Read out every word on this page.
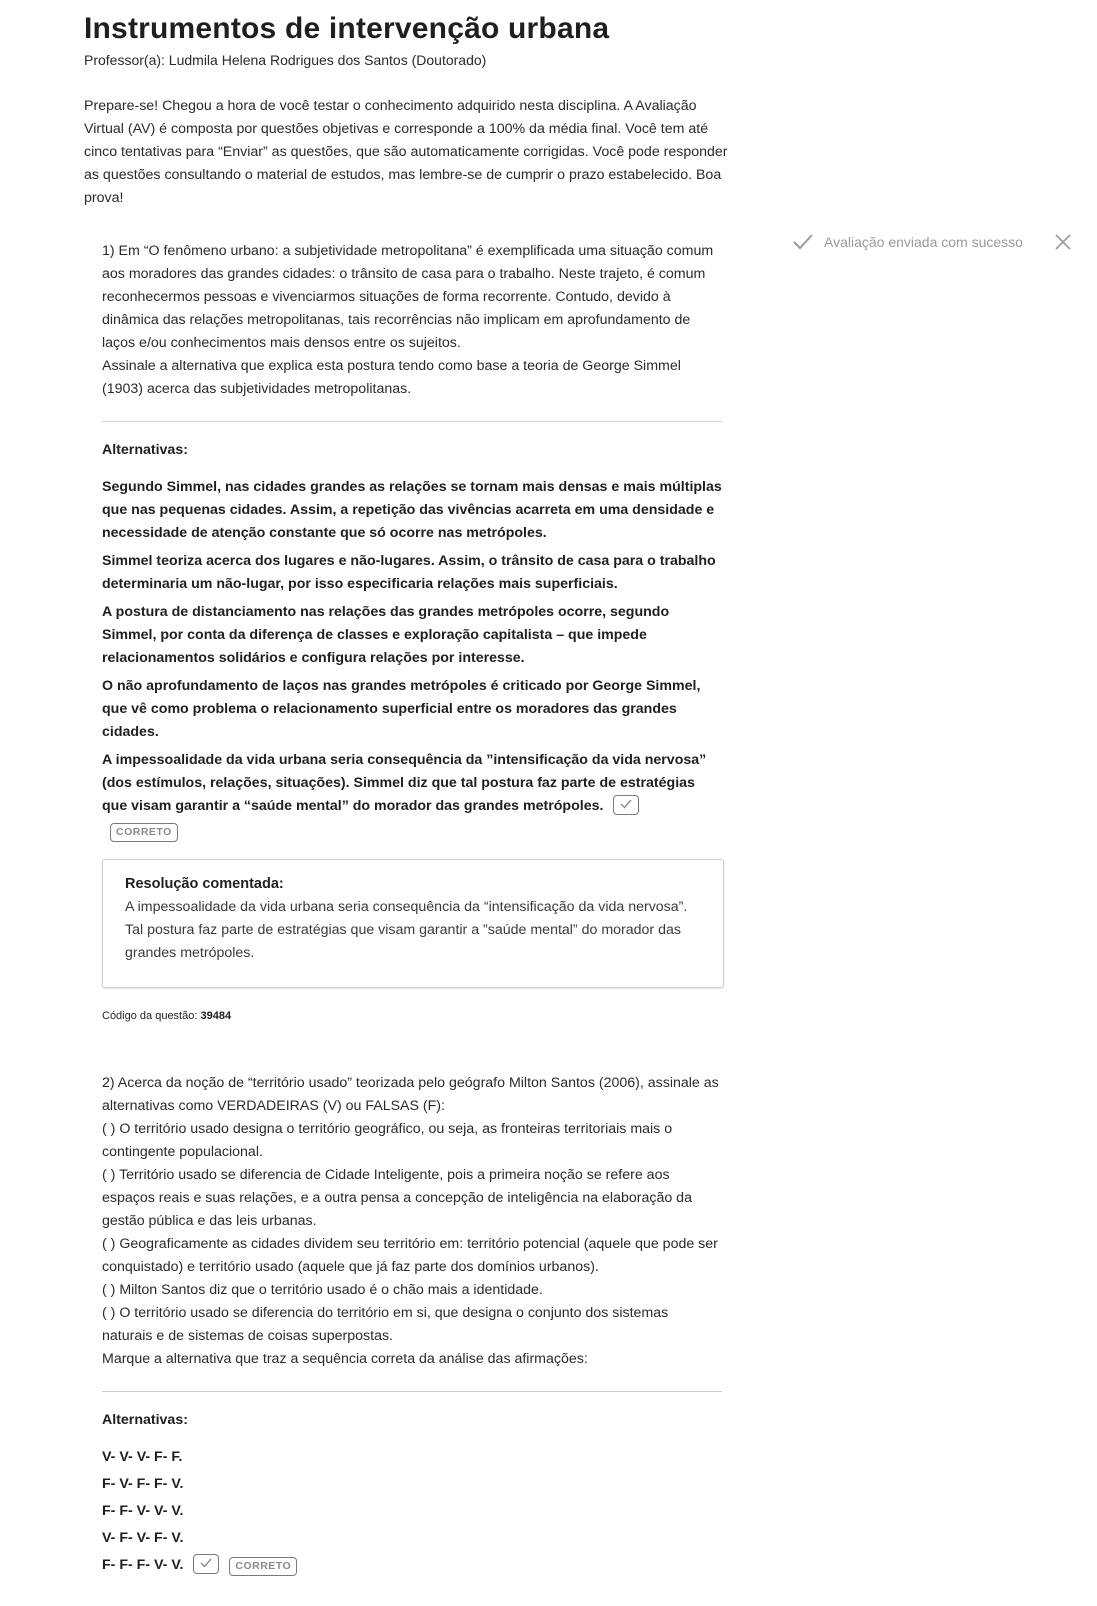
Instrumentos de intervenção urbana
Professor(a): Ludmila Helena Rodrigues dos Santos (Doutorado)
Prepare-se! Chegou a hora de você testar o conhecimento adquirido nesta disciplina. A Avaliação Virtual (AV) é composta por questões objetivas e corresponde a 100% da média final. Você tem até cinco tentativas para “Enviar” as questões, que são automaticamente corrigidas. Você pode responder as questões consultando o material de estudos, mas lembre-se de cumprir o prazo estabelecido. Boa prova!
Avaliação enviada com sucesso
1) Em “O fenômeno urbano: a subjetividade metropolitana” é exemplificada uma situação comum aos moradores das grandes cidades: o trânsito de casa para o trabalho. Neste trajeto, é comum reconhecermos pessoas e vivenciarmos situações de forma recorrente. Contudo, devido à dinâmica das relações metropolitanas, tais recorrências não implicam em aprofundamento de laços e/ou conhecimentos mais densos entre os sujeitos.
Assinale a alternativa que explica esta postura tendo como base a teoria de George Simmel (1903) acerca das subjetividades metropolitanas.
Alternativas:
Segundo Simmel, nas cidades grandes as relações se tornam mais densas e mais múltiplas que nas pequenas cidades. Assim, a repetição das vivências acarreta em uma densidade e necessidade de atenção constante que só ocorre nas metrópoles.
Simmel teoriza acerca dos lugares e não-lugares. Assim, o trânsito de casa para o trabalho determinaria um não-lugar, por isso especificaria relações mais superficiais.
A postura de distanciamento nas relações das grandes metrópoles ocorre, segundo Simmel, por conta da diferença de classes e exploração capitalista – que impede relacionamentos solidários e configura relações por interesse.
O não aprofundamento de laços nas grandes metrópoles é criticado por George Simmel, que vê como problema o relacionamento superficial entre os moradores das grandes cidades.
A impessoalidade da vida urbana seria consequência da ”intensificação da vida nervosa” (dos estímulos, relações, situações). Simmel diz que tal postura faz parte de estratégias que visam garantir a “saúde mental” do morador das grandes metrópoles.
CORRETO
Resolução comentada:
A impessoalidade da vida urbana seria consequência da “intensificação da vida nervosa”. Tal postura faz parte de estratégias que visam garantir a ”saúde mental” do morador das grandes metrópoles.
Código da questão: 39484
2) Acerca da noção de “território usado” teorizada pelo geógrafo Milton Santos (2006), assinale as alternativas como VERDADEIRAS (V) ou FALSAS (F):
( ) O território usado designa o território geográfico, ou seja, as fronteiras territoriais mais o contingente populacional.
( ) Território usado se diferencia de Cidade Inteligente, pois a primeira noção se refere aos espaços reais e suas relações, e a outra pensa a concepção de inteligência na elaboração da gestão pública e das leis urbanas.
( ) Geograficamente as cidades dividem seu território em: território potencial (aquele que pode ser conquistado) e território usado (aquele que já faz parte dos domínios urbanos).
( ) Milton Santos diz que o território usado é o chão mais a identidade.
( ) O território usado se diferencia do território em si, que designa o conjunto dos sistemas naturais e de sistemas de coisas superpostas.
Marque a alternativa que traz a sequência correta da análise das afirmações:
Alternativas:
V- V- V- F- F.
F- V- F- F- V.
F- F- V- V- V.
V- F- V- F- V.
F- F- F- V- V.	CORRETO
